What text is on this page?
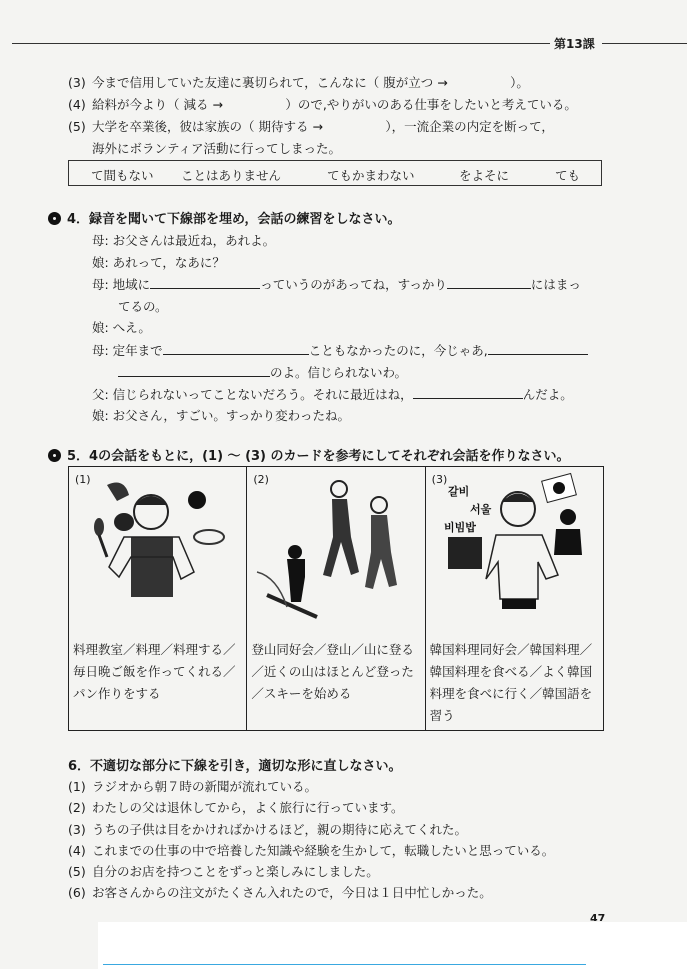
第13課
(3) 今まで信用していた友達に裏切られて，こんなに（ 腹が立つ →　　　　　）。
(4) 給料が今より（ 減る →　　　　　）ので,やりがいのある仕事をしたいと考えている。
(5) 大学を卒業後，彼は家族の（ 期待する →　　　　　），一流企業の内定を断って，
海外にボランティア活動に行ってしまった。
て間もない ことはありません	てもかまわない	をよそに	ても
4．録音を聞いて下線部を埋め，会話の練習をしなさい。
母: お父さんは最近ね，あれよ。
娘: あれって，なあに？
母: 地域に	っていうのがあってね，すっかり	にはまっ
てるの。
娘: へえ。
母: 定年まで	こともなかったのに，今じゃあ,
のよ。信じられないわ。
父: 信じられないってことないだろう。それに最近はね，	んだよ。
娘: お父さん，すごい。すっかり変わったね。
5．4の会話をもとに，(1) ～ (3) のカードを参考にしてそれぞれ会話を作りなさい。
(1)
料理教室／料理／料理する／毎日晩ご飯を作ってくれる／パン作りをする
(2)
登山同好会／登山／山に登る／近くの山はほとんど登った／スキーを始める
(3)
갈비
서울
비빔밥
韓国料理同好会／韓国料理／韓国料理を食べる／よく韓国料理を食べに行く／韓国語を習う
6．不適切な部分に下線を引き，適切な形に直しなさい。
(1) ラジオから朝７時の新聞が流れている。
(2) わたしの父は退休してから，よく旅行に行っています。
(3) うちの子供は目をかければかけるほど，親の期待に応えてくれた。
(4) これまでの仕事の中で培養した知識や経験を生かして，転職したいと思っている。
(5) 自分のお店を持つことをずっと楽しみにしました。
(6) お客さんからの注文がたくさん入れたので，今日は１日中忙しかった。
47
